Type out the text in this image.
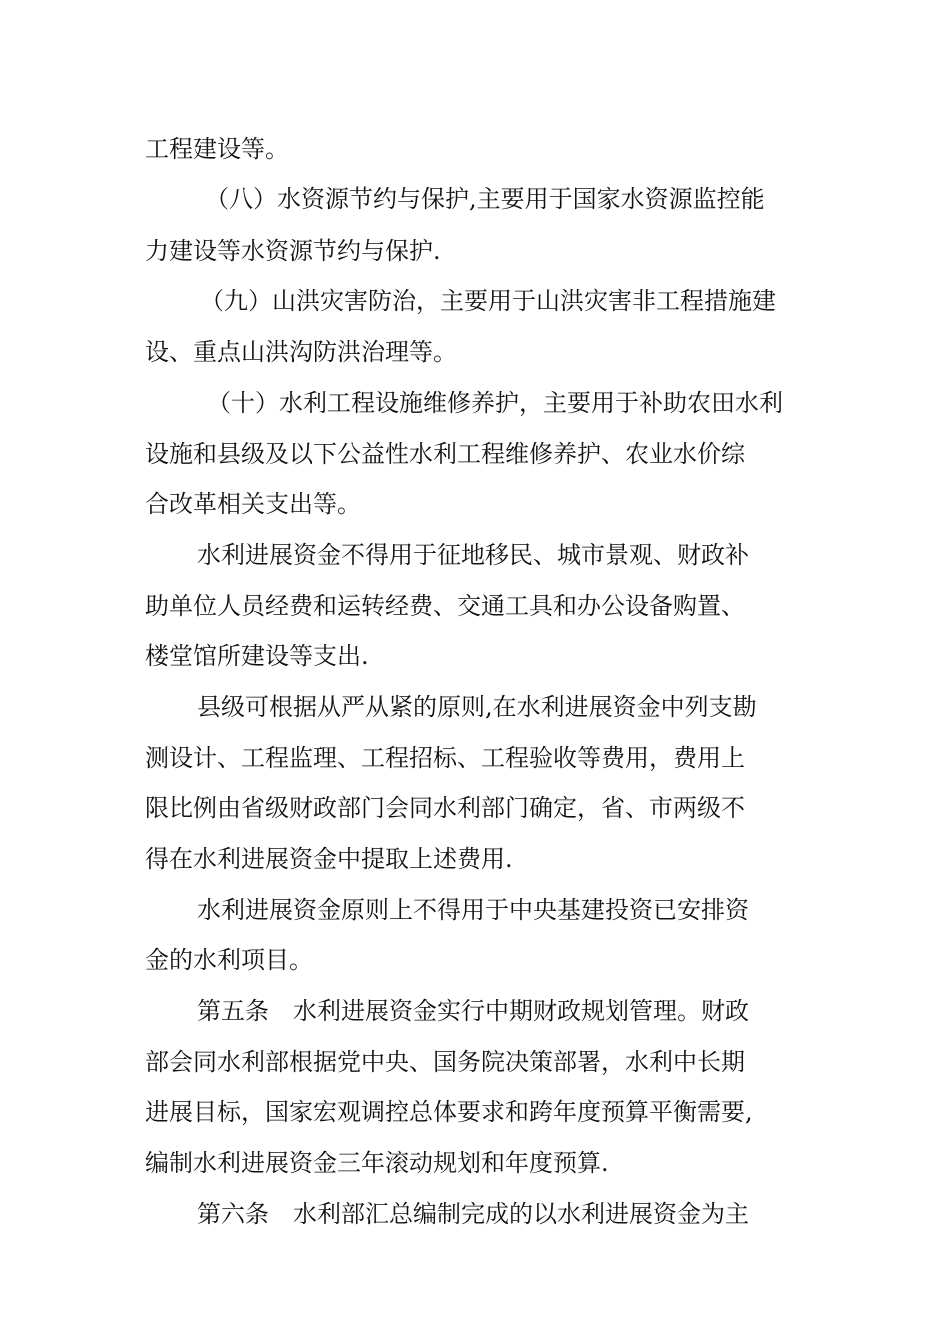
工程建设等。
（八）水资源节约与保护,主要用于国家水资源监控能
力建设等水资源节约与保护.
（九）山洪灾害防治，主要用于山洪灾害非工程措施建
设、重点山洪沟防洪治理等。
（十）水利工程设施维修养护，主要用于补助农田水利
设施和县级及以下公益性水利工程维修养护、农业水价综
合改革相关支出等。
水利进展资金不得用于征地移民、城市景观、财政补
助单位人员经费和运转经费、交通工具和办公设备购置、
楼堂馆所建设等支出.
县级可根据从严从紧的原则,在水利进展资金中列支勘
测设计、工程监理、工程招标、工程验收等费用，费用上
限比例由省级财政部门会同水利部门确定，省、市两级不
得在水利进展资金中提取上述费用.
水利进展资金原则上不得用于中央基建投资已安排资
金的水利项目。
第五条　水利进展资金实行中期财政规划管理。财政
部会同水利部根据党中央、国务院决策部署，水利中长期
进展目标，国家宏观调控总体要求和跨年度预算平衡需要,
编制水利进展资金三年滚动规划和年度预算.
第六条　水利部汇总编制完成的以水利进展资金为主
